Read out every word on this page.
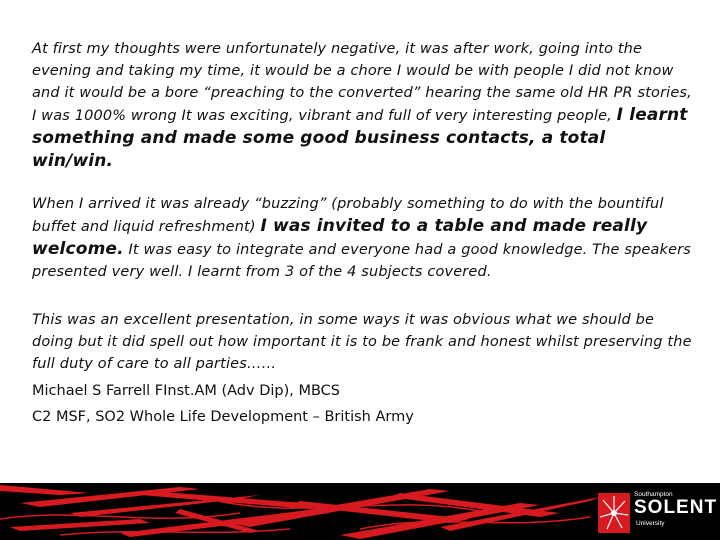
At first my thoughts were unfortunately negative, it was after work, going into the evening and taking my time, it would be a chore I would be with people I did not know and it would be a bore “preaching to the converted” hearing the same old HR PR stories, I was 1000% wrong It was exciting, vibrant and full of very interesting people, I learnt something and made some good business contacts, a total win/win.

When I arrived it was already “buzzing” (probably something to do with the bountiful buffet and liquid refreshment) I was invited to a table and made really welcome. It was easy to integrate and everyone had a good knowledge. The speakers presented very well. I learnt from 3 of the 4 subjects covered.

This was an excellent presentation, in some ways it was obvious what we should be doing but it did spell out how important it is to be frank and honest whilst preserving the full duty of care to all parties……

Michael S Farrell FInst.AM (Adv Dip), MBCS

C2 MSF, SO2 Whole Life Development – British Army

Southampton
SOLENT
University
